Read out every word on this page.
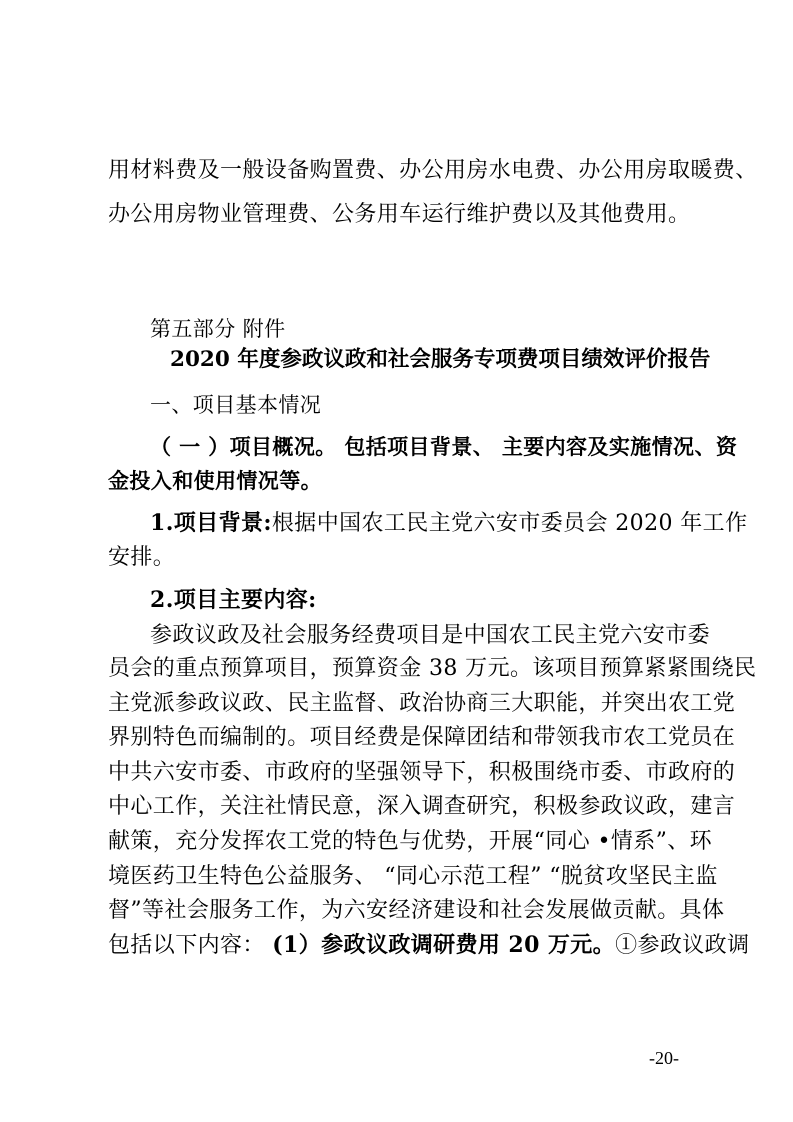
用材料费及一般设备购置费、办公用房水电费、办公用房取暖费、
办公用房物业管理费、公务用车运行维护费以及其他费用。
第五部分 附件
2020 年度参政议政和社会服务专项费项目绩效评价报告
一、项目基本情况
（ 一 ）项目概况。 包括项目背景、 主要内容及实施情况、资
金投入和使用情况等。
1.项目背景:根据中国农工民主党六安市委员会 2020 年工作
安排。
2.项目主要内容:
参政议政及社会服务经费项目是中国农工民主党六安市委
员会的重点预算项目，预算资金 38 万元。该项目预算紧紧围绕民
主党派参政议政、民主监督、政治协商三大职能，并突出农工党
界别特色而编制的。项目经费是保障团结和带领我市农工党员在
中共六安市委、市政府的坚强领导下，积极围绕市委、市政府的
中心工作，关注社情民意，深入调查研究，积极参政议政，建言
献策，充分发挥农工党的特色与优势，开展“同心 •情系”、环
境医药卫生特色公益服务、 “同心示范工程” “脱贫攻坚民主监
督”等社会服务工作，为六安经济建设和社会发展做贡献。具体
包括以下内容： (1）参政议政调研费用 20 万元。①参政议政调
-20-
